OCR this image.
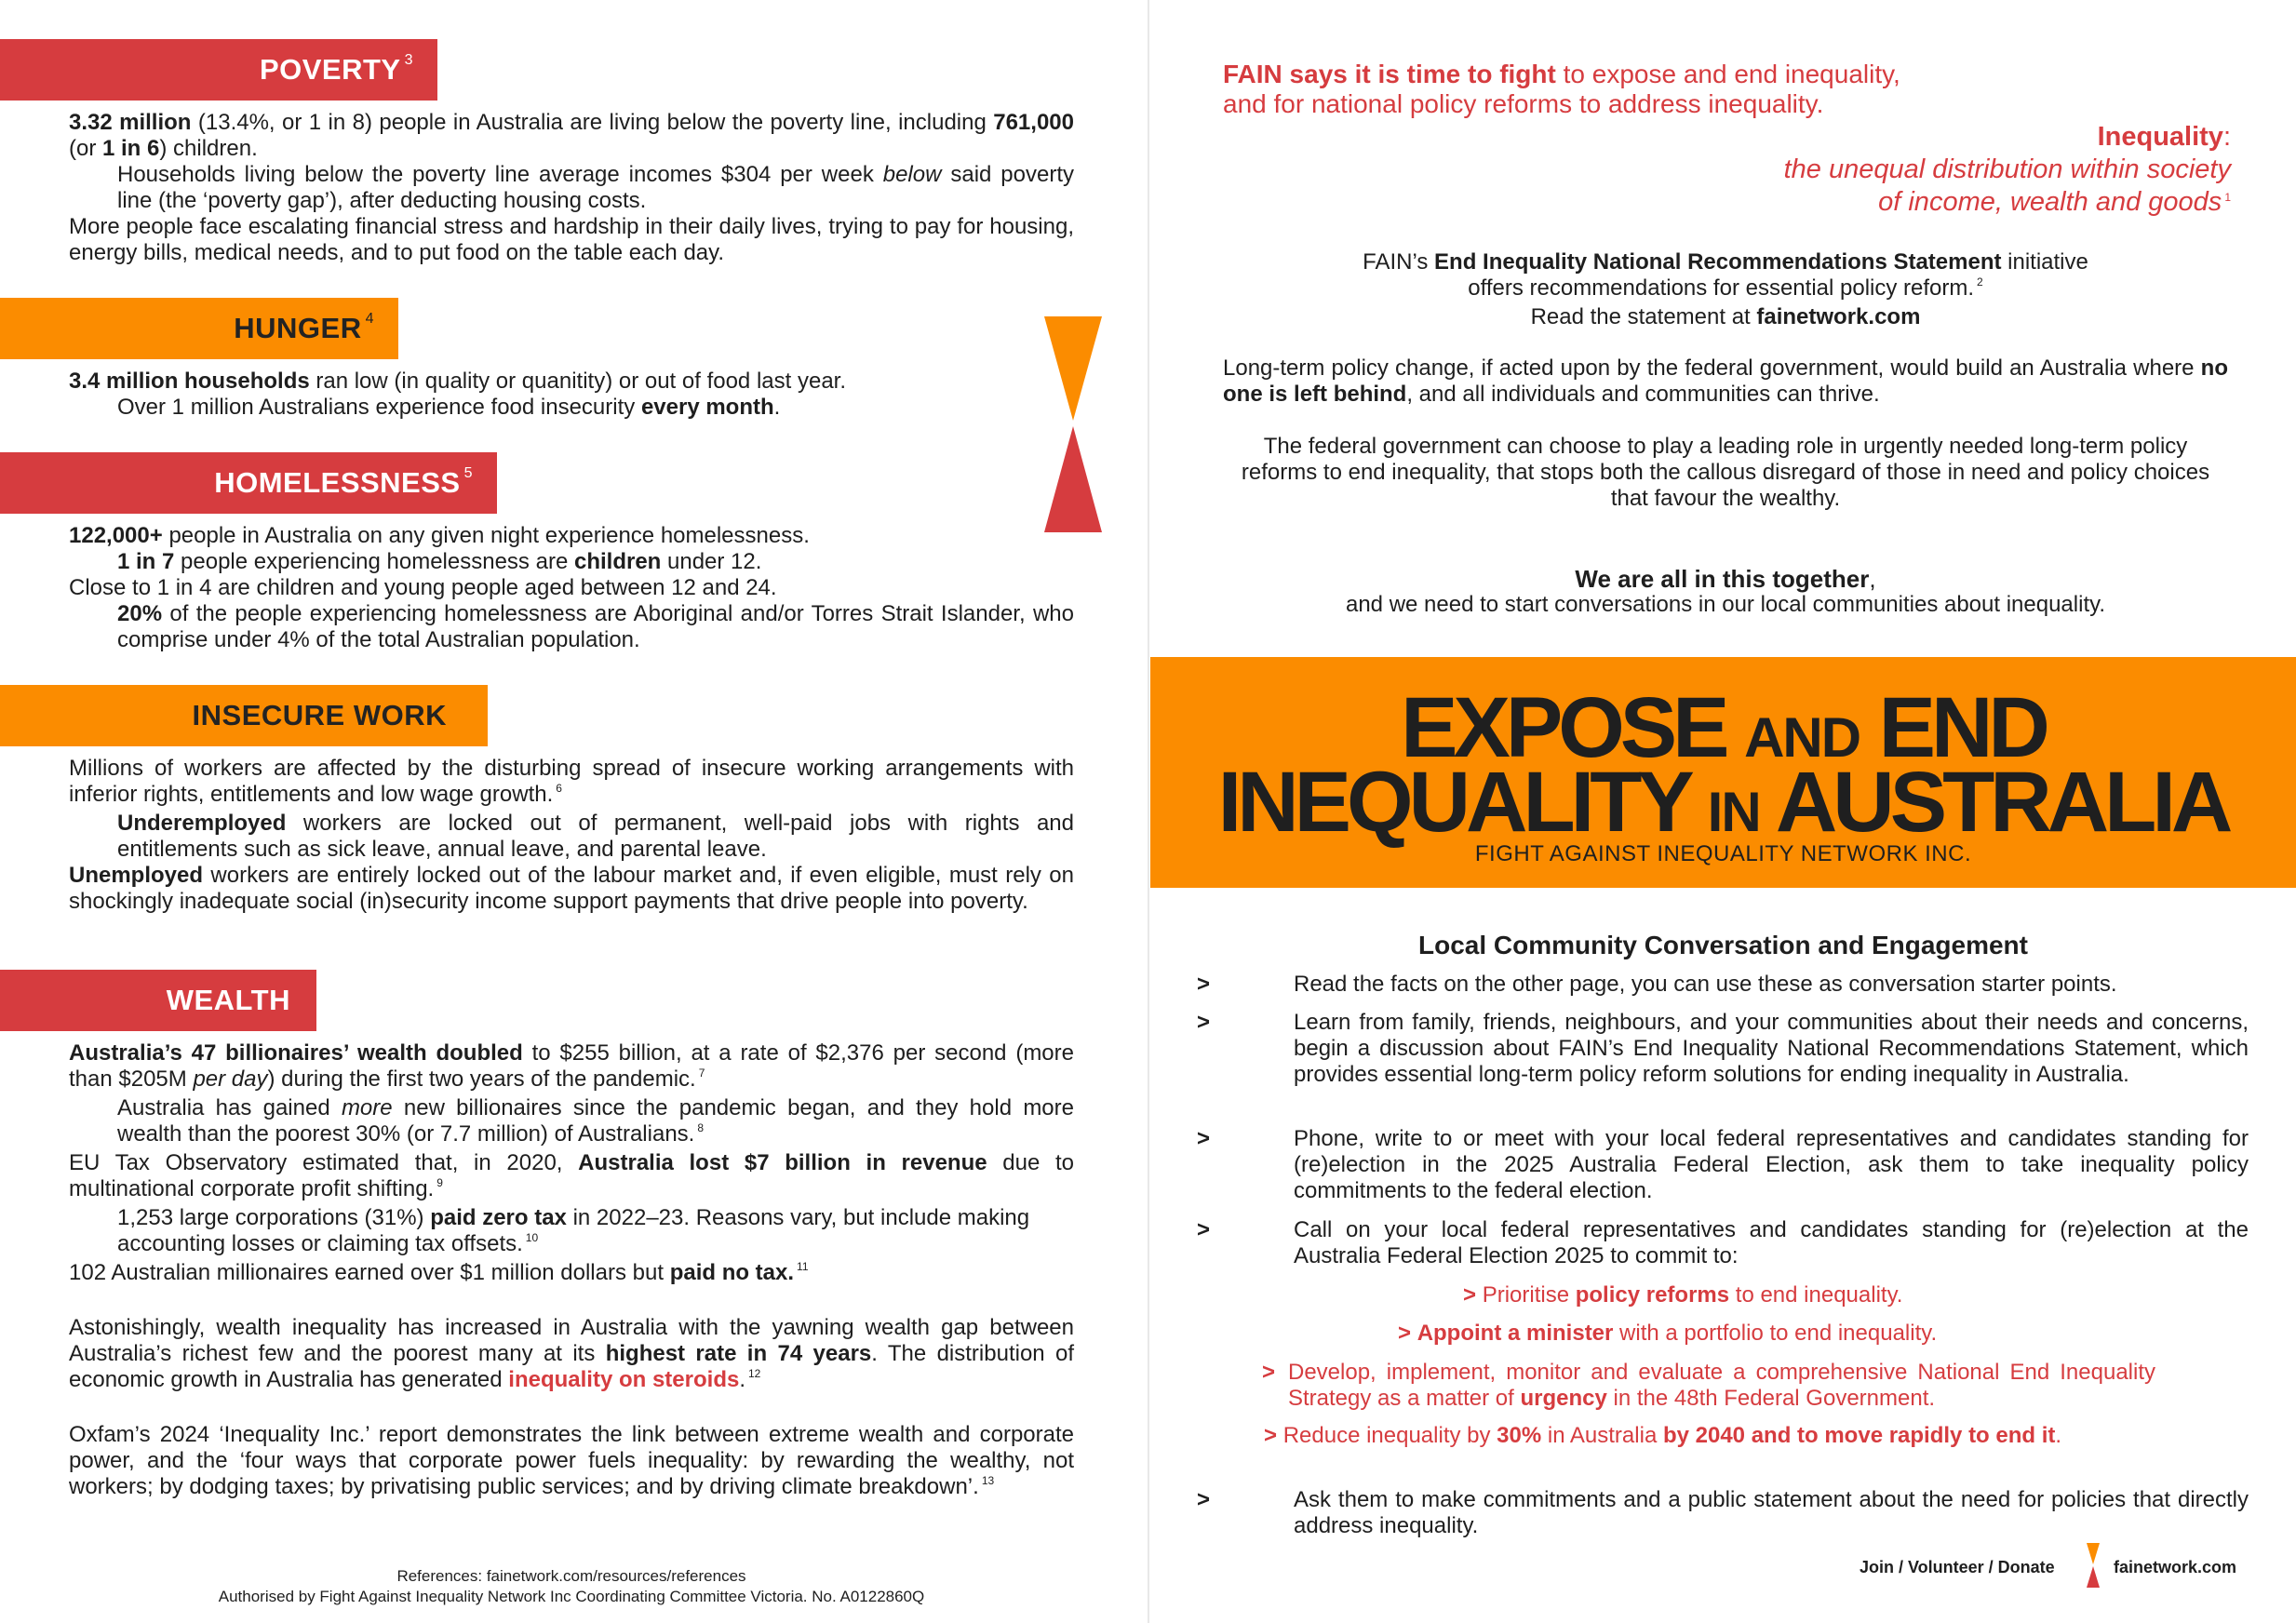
POVERTY $^3$

3.32 million (13.4%, or 1 in 8) people in Australia are living below the poverty line, including 761,000 (or 1 in 6) children.

Households living below the poverty line average incomes $304 per week below said poverty line (the ‘poverty gap’), after deducting housing costs.

More people face escalating financial stress and hardship in their daily lives, trying to pay for housing, energy bills, medical needs, and to put food on the table each day.

HUNGER $^4$

3.4 million households ran low (in quality or quanitity) or out of food last year.

Over 1 million Australians experience food insecurity every month.

HOMELESSNESS $^5$

122,000+ people in Australia on any given night experience homelessness.

1 in 7 people experiencing homelessness are children under 12.

Close to 1 in 4 are children and young people aged between 12 and 24.

20% of the people experiencing homelessness are Aboriginal and/or Torres Strait Islander, who comprise under 4% of the total Australian population.

INSECURE WORK

Millions of workers are affected by the disturbing spread of insecure working arrangements with inferior rights, entitlements and low wage growth. $^6$

Underemployed workers are locked out of permanent, well-paid jobs with rights and entitlements such as sick leave, annual leave, and parental leave.

Unemployed workers are entirely locked out of the labour market and, if even eligible, must rely on shockingly inadequate social (in)security income support payments that drive people into poverty.

WEALTH

Australia’s 47 billionaires’ wealth doubled to $255 billion, at a rate of $2,376 per second (more than $205M per day) during the first two years of the pandemic. $^7$

Australia has gained more new billionaires since the pandemic began, and they hold more wealth than the poorest 30% (or 7.7 million) of Australians. $^8$

EU Tax Observatory estimated that, in 2020, Australia lost $7 billion in revenue due to multinational corporate profit shifting. $^9$

1,253 large corporations (31%) paid zero tax in 2022–23. Reasons vary, but include making accounting losses or claiming tax offsets. $^{10}$

102 Australian millionaires earned over $1 million dollars but paid no tax. $^{11}$

Astonishingly, wealth inequality has increased in Australia with the yawning wealth gap between Australia’s richest few and the poorest many at its highest rate in 74 years. The distribution of economic growth in Australia has generated inequality on steroids. $^{12}$

Oxfam’s 2024 ‘Inequality Inc.’ report demonstrates the link between extreme wealth and corporate power, and the ‘four ways that corporate power fuels inequality: by rewarding the wealthy, not workers; by dodging taxes; by privatising public services; and by driving climate breakdown’. $^{13}$

References: fainetwork.com/resources/references
Authorised by Fight Against Inequality Network Inc Coordinating Committee Victoria. No. A0122860Q
FAIN says it is time to fight to expose and end inequality,
and for national policy reforms to address inequality.
Inequality:
the unequal distribution within society
of income, wealth and goods $^1$
FAIN’s End Inequality National Recommendations Statement initiative
offers recommendations for essential policy reform. $^2$
Read the statement at fainetwork.com

Long-term policy change, if acted upon by the federal government, would build an Australia where no one is left behind, and all individuals and communities can thrive.

The federal government can choose to play a leading role in urgently needed long-term policy reforms to end inequality, that stops both the callous disregard of those in need and policy choices that favour the wealthy.

We are all in this together,
and we need to start conversations in our local communities about inequality.
EXPOSE AND END
INEQUALITY IN AUSTRALIA
FIGHT AGAINST INEQUALITY NETWORK INC.
Local Community Conversation and Engagement
>	Read the facts on the other page, you can use these as conversation starter points.
>	Learn from family, friends, neighbours, and your communities about their needs and concerns, begin a discussion about FAIN’s End Inequality National Recommendations Statement, which provides essential long-term policy reform solutions for ending inequality in Australia.
>	Phone, write to or meet with your local federal representatives and candidates standing for (re)election in the 2025 Australia Federal Election, ask them to take inequality policy commitments to the federal election.
>	Call on your local federal representatives and candidates standing for (re)election at the Australia Federal Election 2025 to commit to:
> Prioritise policy reforms to end inequality.
> Appoint a minister with a portfolio to end inequality.
> Develop, implement, monitor and evaluate a comprehensive National End Inequality Strategy as a matter of urgency in the 48th Federal Government.
> Reduce inequality by 30% in Australia by 2040 and to move rapidly to end it.
>	Ask them to make commitments and a public statement about the need for policies that directly address inequality.
Join / Volunteer / Donate	fainetwork.com
